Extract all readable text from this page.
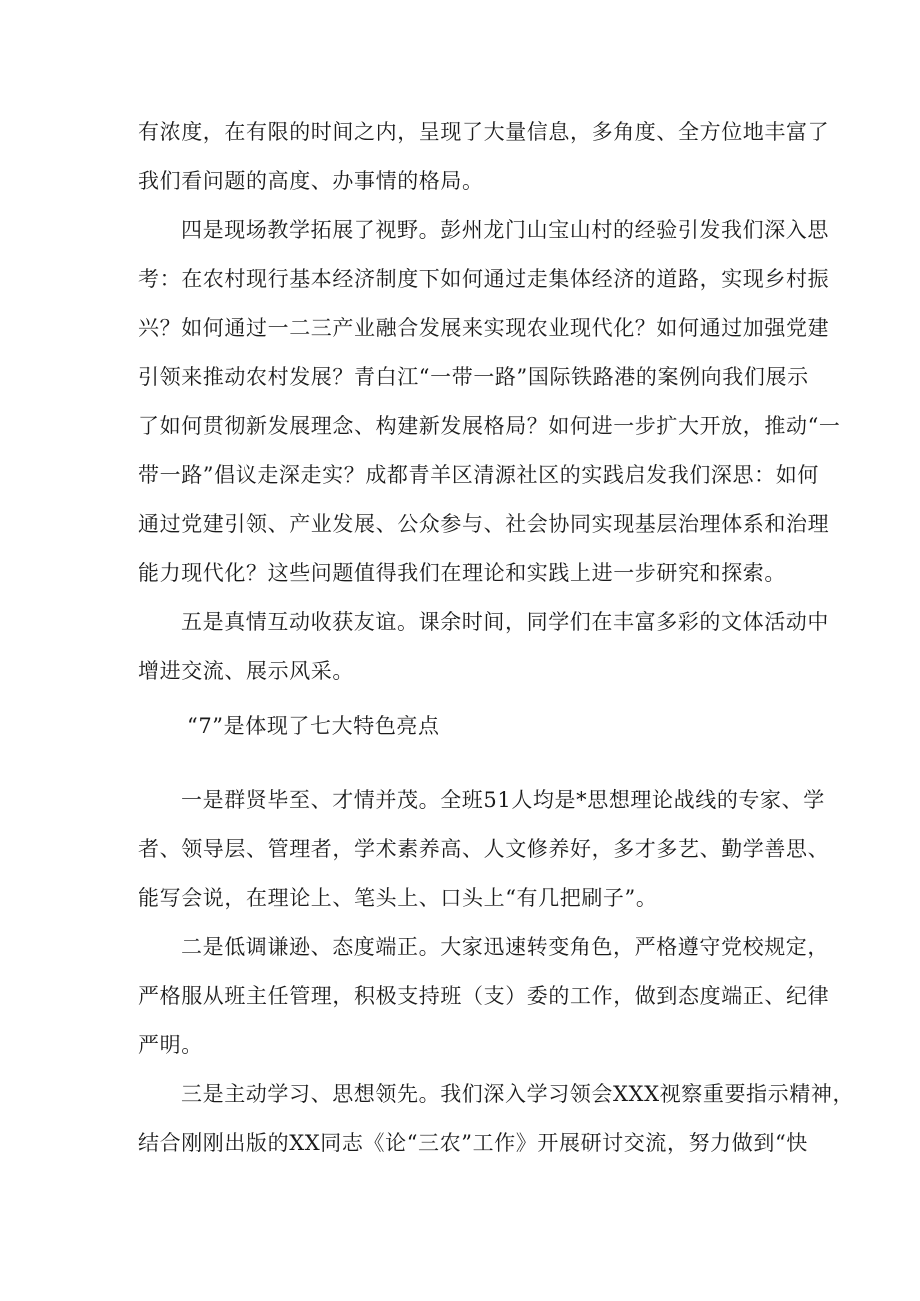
有浓度，在有限的时间之内，呈现了大量信息，多角度、全方位地丰富了
我们看问题的高度、办事情的格局。
四是现场教学拓展了视野。彭州龙门山宝山村的经验引发我们深入思
考：在农村现行基本经济制度下如何通过走集体经济的道路，实现乡村振
兴？如何通过一二三产业融合发展来实现农业现代化？如何通过加强党建
引领来推动农村发展？青白江“一带一路”国际铁路港的案例向我们展示
了如何贯彻新发展理念、构建新发展格局？如何进一步扩大开放，推动“一
带一路”倡议走深走实？成都青羊区清源社区的实践启发我们深思：如何
通过党建引领、产业发展、公众参与、社会协同实现基层治理体系和治理
能力现代化？这些问题值得我们在理论和实践上进一步研究和探索。
五是真情互动收获友谊。课余时间，同学们在丰富多彩的文体活动中
增进交流、展示风采。
“7”是体现了七大特色亮点
一是群贤毕至、才情并茂。全班51人均是*思想理论战线的专家、学
者、领导层、管理者，学术素养高、人文修养好，多才多艺、勤学善思、
能写会说，在理论上、笔头上、口头上“有几把刷子”。
二是低调谦逊、态度端正。大家迅速转变角色，严格遵守党校规定，
严格服从班主任管理，积极支持班（支）委的工作，做到态度端正、纪律
严明。
三是主动学习、思想领先。我们深入学习领会XXX视察重要指示精神，
结合刚刚出版的XX同志《论“三农”工作》开展研讨交流，努力做到“快
